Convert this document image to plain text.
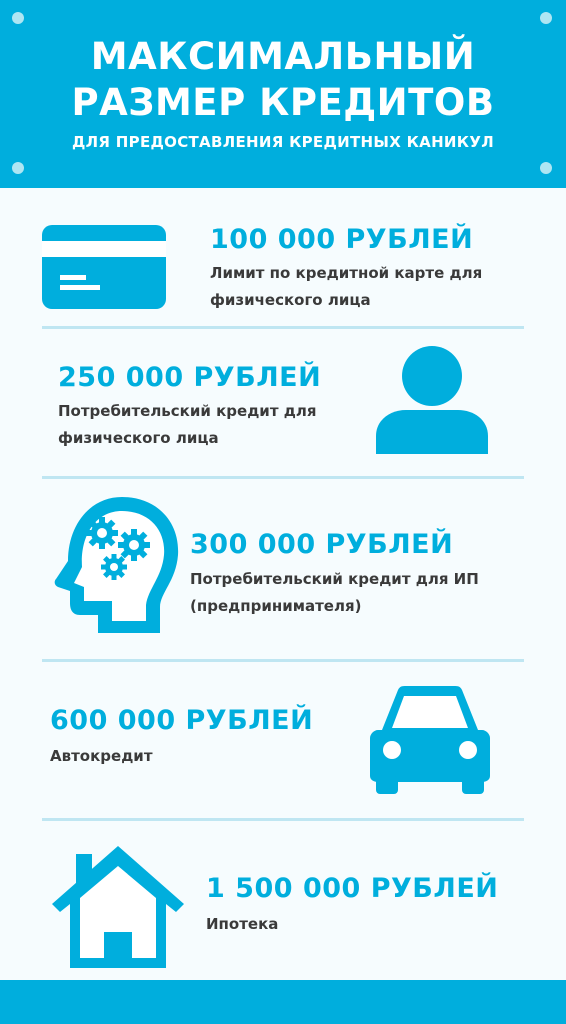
МАКСИМАЛЬНЫЙ
РАЗМЕР КРЕДИТОВ
ДЛЯ ПРЕДОСТАВЛЕНИЯ КРЕДИТНЫХ КАНИКУЛ
100 000 РУБЛЕЙ
Лимит по кредитной карте для
физического лица
250 000 РУБЛЕЙ
Потребительский кредит для
физического лица
300 000 РУБЛЕЙ
Потребительский кредит для ИП
(предпринимателя)
600 000 РУБЛЕЙ
Автокредит
1 500 000 РУБЛЕЙ
Ипотека
